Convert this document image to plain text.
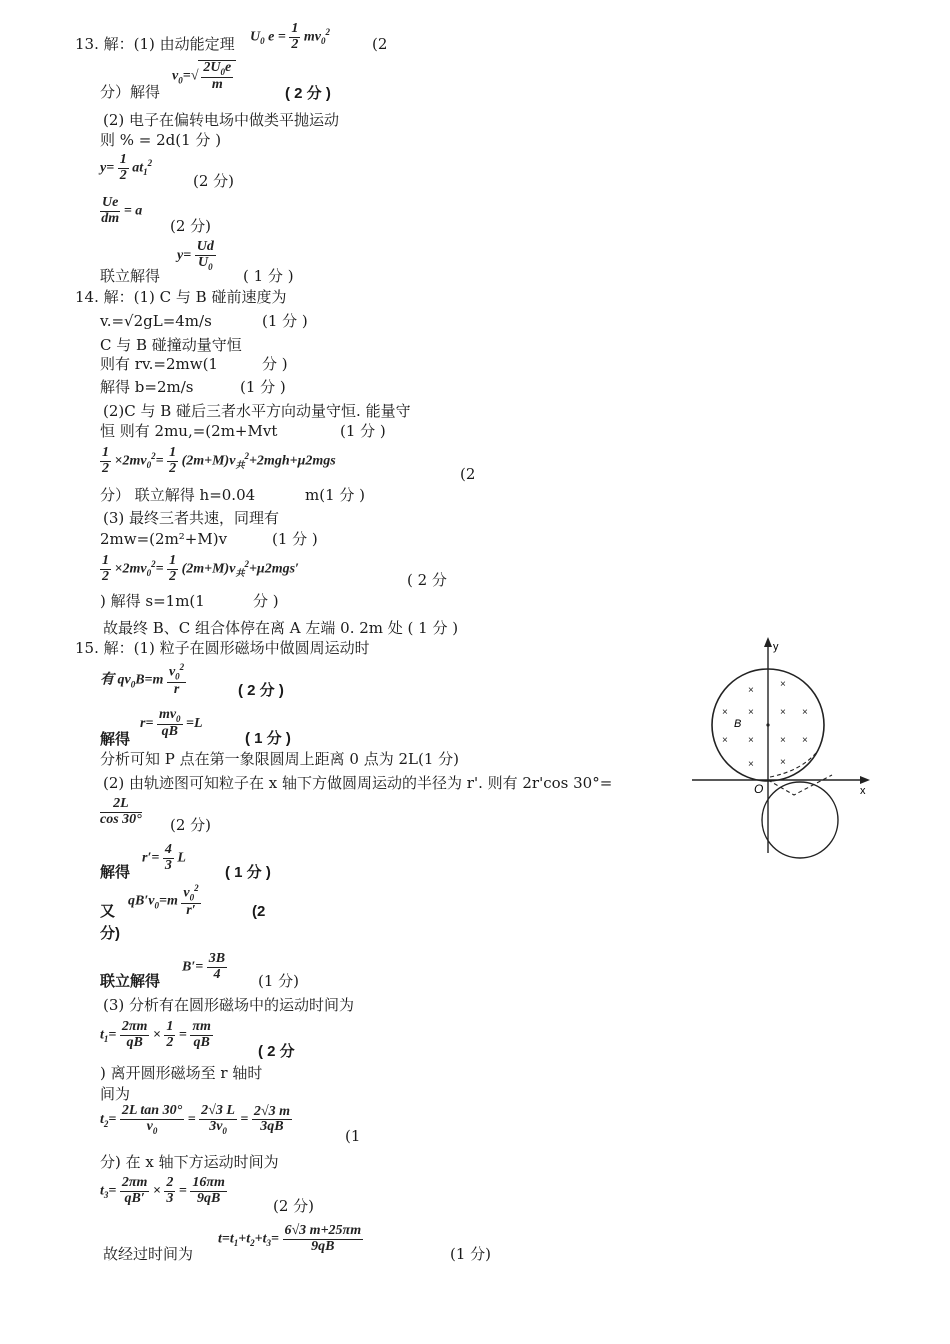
13. 解：(1) 由动能定理 $U_0$ $e = \frac{1}{2} mv_0^2$
(2
分）解得
$v_0=√ \frac{2U_0e}{m}$
( 2 分 )
(2) 电子在偏转电场中做类平抛运动
则 % = 2d(1 分 )
$y= \frac{1}{2} at_1^2$
(2 分)
$\frac{Ue}{dm} = a$
(2 分)
联立解得
$y= \frac{Ud}{U_0}$
( 1 分 )
14. 解：(1) C 与 B 碰前速度为
v.=√2gL=4m/s	(1 分 )
C 与 B 碰撞动量守恒
则有 rv.=2mw(1	分 )
解得 b=2m/s	(1 分 )
(2)C 与 B 碰后三者水平方向动量守恒. 能量守
恒 则有 2mu,=(2m+Mvt	(1 分 )
$\frac{1}{2} \times 2mv_0^2= \frac{1}{2} (2m+M)v_共^2+2mgh+\mu 2mgs$
(2
分） 联立解得 h=0.04	m(1 分 )
(3) 最终三者共速，同理有
2mw=(2m²+M)v	(1 分 )
$\frac{1}{2} \times 2mv_0^2= \frac{1}{2} (2m+M)v_共^2+\mu 2mgs'$
( 2 分
) 解得 s=1m(1	分 )
故最终 B、C 组合体停在离 A 左端 0. 2m 处 ( 1 分 )
15. 解：(1) 粒子在圆形磁场中做圆周运动时
有 $qv_0B=m \frac{v_0^2}{r}$	( 2 分 )
解得
$r= \frac{mv_0}{qB} =L$
( 1 分 )
分析可知 P 点在第一象限圆周上距离 0 点为 2L(1 分)
(2) 由轨迹图可知粒子在 x 轴下方做圆周运动的半径为 r'. 则有 2r'cos 30°=
$\frac{2L}{\cos 30^\circ} (2$ 分)
解得
$r'= \frac{4}{3}$ L
( 1 分 )
又
$qB'v_0=m \frac{v_0^2}{r'}$	(2
分)
联立解得
$B'= \frac{3B}{4} (1$ 分)
(3) 分析有在圆形磁场中的运动时间为
$t_1= \frac{2\pi m}{qB} \times \frac{1}{2} = \frac{\pi m}{qB}$
( 2 分
) 离开圆形磁场至 r 轴时
间为
$t_2= \frac{\text{2L tan 30°}}{v_0} = \frac{2√3 L}{3v_0} = \frac{2√3 m}{3qB}$
(1
分) 在 x 轴下方运动时间为
$t_3= \frac{2\pi m}{qB'} \times \frac{2}{3} = \frac{16\pi m}{9qB}$	(2 分)
故经过时间为
$t=t_1+t_2+t_3= \frac{6√3 m+25\pi m}{9qB}$	(1 分)
y
x
O
B
×
×
× ×	× ×
× ×	× ×
×	×
